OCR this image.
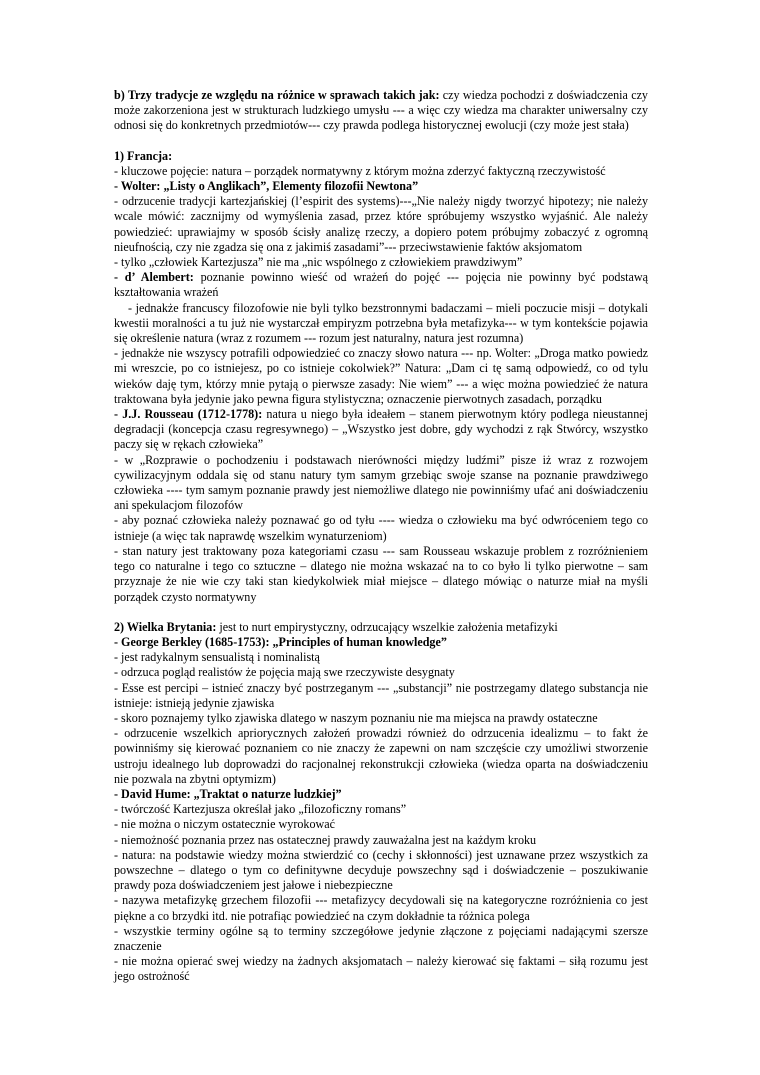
b) Trzy tradycje ze względu na różnice w sprawach takich jak: czy wiedza pochodzi z doświadczenia czy może zakorzeniona jest w strukturach ludzkiego umysłu --- a więc czy wiedza ma charakter uniwersalny czy odnosi się do konkretnych przedmiotów--- czy prawda podlega historycznej ewolucji (czy może jest stała)

1) Francja:

- kluczowe pojęcie: natura – porządek normatywny z którym można zderzyć faktyczną rzeczywistość

- Wolter: „Listy o Anglikach”, Elementy filozofii Newtona”

- odrzucenie tradycji kartezjańskiej (l’espirit des systems)---„Nie należy nigdy tworzyć hipotezy; nie należy wcale mówić: zacznijmy od wymyślenia zasad, przez które spróbujemy wszystko wyjaśnić. Ale należy powiedzieć: uprawiajmy w sposób ścisły analizę rzeczy, a dopiero potem próbujmy zobaczyć z ogromną nieufnością, czy nie zgadza się ona z jakimiś zasadami”--- przeciwstawienie faktów aksjomatom

- tylko „człowiek Kartezjusza” nie ma „nic wspólnego z człowiekiem prawdziwym”

- d’ Alembert: poznanie powinno wieść od wrażeń do pojęć --- pojęcia nie powinny być podstawą kształtowania wrażeń

- jednakże francuscy filozofowie nie byli tylko bezstronnymi badaczami – mieli poczucie misji – dotykali kwestii moralności a tu już nie wystarczał empiryzm potrzebna była metafizyka--- w tym kontekście pojawia się określenie natura (wraz z rozumem --- rozum jest naturalny, natura jest rozumna)

- jednakże nie wszyscy potrafili odpowiedzieć co znaczy słowo natura --- np. Wolter: „Droga matko powiedz mi wreszcie, po co istniejesz, po co istnieje cokolwiek?” Natura: „Dam ci tę samą odpowiedź, co od tylu wieków daję tym, którzy mnie pytają o pierwsze zasady: Nie wiem” --- a więc można powiedzieć że natura traktowana była jedynie jako pewna figura stylistyczna; oznaczenie pierwotnych zasadach, porządku

- J.J. Rousseau (1712-1778): natura u niego była ideałem – stanem pierwotnym który podlega nieustannej degradacji (koncepcja czasu regresywnego) – „Wszystko jest dobre, gdy wychodzi z rąk Stwórcy, wszystko paczy się w rękach człowieka”

- w „Rozprawie o pochodzeniu i podstawach nierówności między ludźmi” pisze iż wraz z rozwojem cywilizacyjnym oddala się od stanu natury tym samym grzebiąc swoje szanse na poznanie prawdziwego człowieka ---- tym samym poznanie prawdy jest niemożliwe dlatego nie powinniśmy ufać ani doświadczeniu ani spekulacjom filozofów

- aby poznać człowieka należy poznawać go od tyłu ---- wiedza o człowieku ma być odwróceniem tego co istnieje (a więc tak naprawdę wszelkim wynaturzeniom)

- stan natury jest traktowany poza kategoriami czasu --- sam Rousseau wskazuje problem z rozróżnieniem tego co naturalne i tego co sztuczne – dlatego nie można wskazać na to co było li tylko pierwotne – sam przyznaje że nie wie czy taki stan kiedykolwiek miał miejsce – dlatego mówiąc o naturze miał na myśli porządek czysto normatywny

2) Wielka Brytania: jest to nurt empirystyczny, odrzucający wszelkie założenia metafizyki

- George Berkley (1685-1753): „Principles of human knowledge”

- jest radykalnym sensualistą i nominalistą

- odrzuca pogląd realistów że pojęcia mają swe rzeczywiste desygnaty

- Esse est percipi – istnieć znaczy być postrzeganym --- „substancji” nie postrzegamy dlatego substancja nie istnieje: istnieją jedynie zjawiska

- skoro poznajemy tylko zjawiska dlatego w naszym poznaniu nie ma miejsca na prawdy ostateczne

- odrzucenie wszelkich apriorycznych założeń prowadzi również do odrzucenia idealizmu – to fakt że powinniśmy się kierować poznaniem co nie znaczy że zapewni on nam szczęście czy umożliwi stworzenie ustroju idealnego lub doprowadzi do racjonalnej rekonstrukcji człowieka (wiedza oparta na doświadczeniu nie pozwala na zbytni optymizm)

- David Hume: „Traktat o naturze ludzkiej”

- twórczość Kartezjusza określał jako „filozoficzny romans”

- nie można o niczym ostatecznie wyrokować

- niemożność poznania przez nas ostatecznej prawdy zauważalna jest na każdym kroku

- natura: na podstawie wiedzy można stwierdzić co (cechy i skłonności) jest uznawane przez wszystkich za powszechne – dlatego o tym co definitywne decyduje powszechny sąd i doświadczenie – poszukiwanie prawdy poza doświadczeniem jest jałowe i niebezpieczne

- nazywa metafizykę grzechem filozofii --- metafizycy decydowali się na kategoryczne rozróżnienia co jest piękne a co brzydki itd. nie potrafiąc powiedzieć na czym dokładnie ta różnica polega

- wszystkie terminy ogólne są to terminy szczegółowe jedynie złączone z pojęciami nadającymi szersze znaczenie

- nie można opierać swej wiedzy na żadnych aksjomatach – należy kierować się faktami – siłą rozumu jest jego ostrożność
